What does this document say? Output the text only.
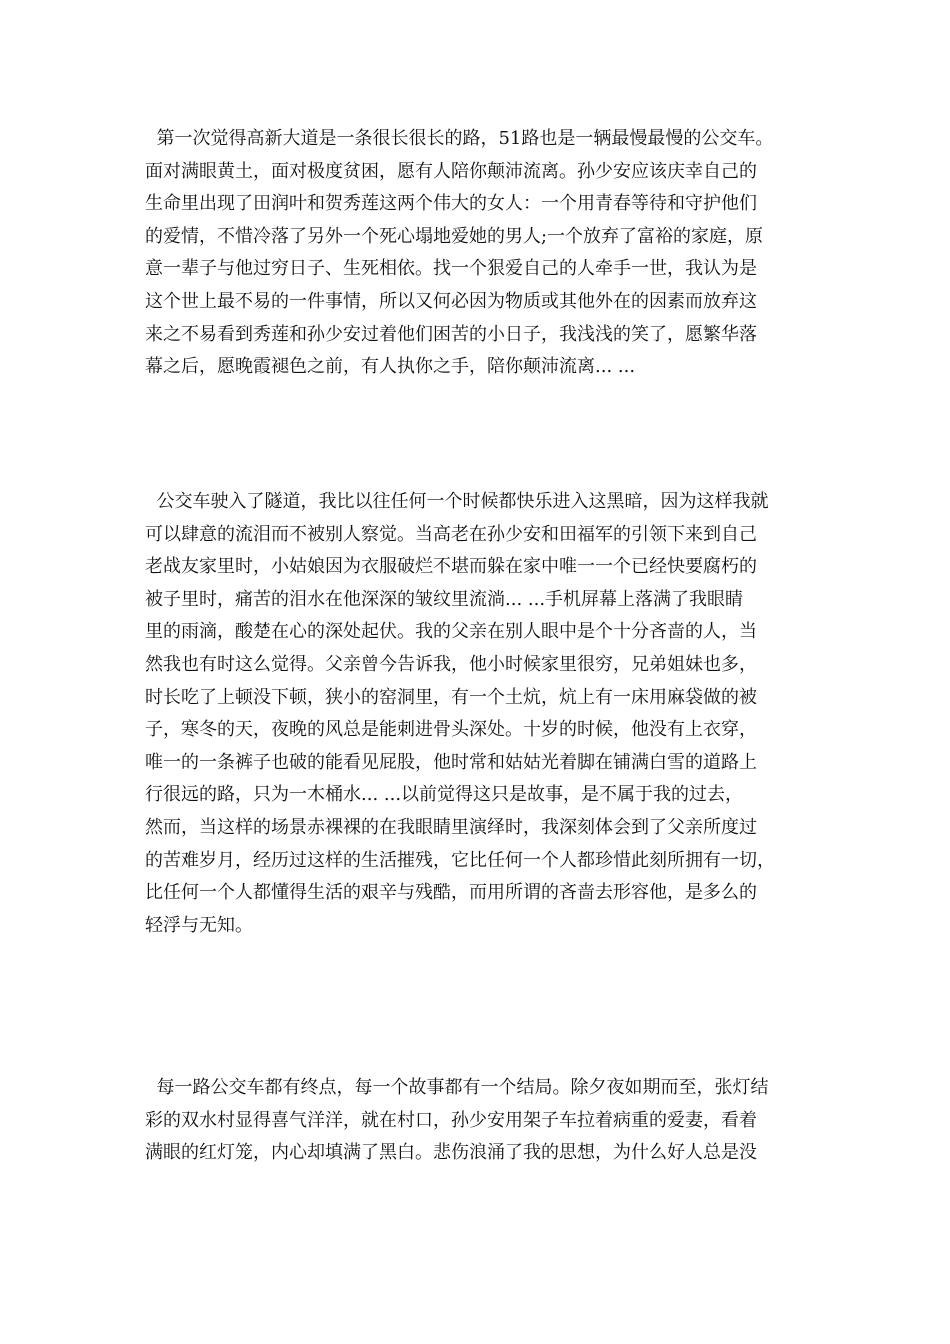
第一次觉得高新大道是一条很长很长的路，51路也是一辆最慢最慢的公交车。
面对满眼黄土，面对极度贫困，愿有人陪你颠沛流离。孙少安应该庆幸自己的
生命里出现了田润叶和贺秀莲这两个伟大的女人：一个用青春等待和守护他们
的爱情，不惜冷落了另外一个死心塌地爱她的男人;一个放弃了富裕的家庭，原
意一辈子与他过穷日子、生死相依。找一个狠爱自己的人牵手一世，我认为是
这个世上最不易的一件事情，所以又何必因为物质或其他外在的因素而放弃这
来之不易看到秀莲和孙少安过着他们困苦的小日子，我浅浅的笑了，愿繁华落
幕之后，愿晚霞褪色之前，有人执你之手，陪你颠沛流离... ...
公交车驶入了隧道，我比以往任何一个时候都快乐进入这黑暗，因为这样我就
可以肆意的流泪而不被别人察觉。当高老在孙少安和田福军的引领下来到自己
老战友家里时，小姑娘因为衣服破烂不堪而躲在家中唯一一个已经快要腐朽的
被子里时，痛苦的泪水在他深深的皱纹里流淌... ...手机屏幕上落满了我眼睛
里的雨滴，酸楚在心的深处起伏。我的父亲在别人眼中是个十分吝啬的人，当
然我也有时这么觉得。父亲曾今告诉我，他小时候家里很穷，兄弟姐妹也多，
时长吃了上顿没下顿，狭小的窑洞里，有一个土炕，炕上有一床用麻袋做的被
子，寒冬的天，夜晚的风总是能刺进骨头深处。十岁的时候，他没有上衣穿，
唯一的一条裤子也破的能看见屁股，他时常和姑姑光着脚在铺满白雪的道路上
行很远的路，只为一木桶水... ...以前觉得这只是故事，是不属于我的过去，
然而，当这样的场景赤裸裸的在我眼睛里演绎时，我深刻体会到了父亲所度过
的苦难岁月，经历过这样的生活摧残，它比任何一个人都珍惜此刻所拥有一切，
比任何一个人都懂得生活的艰辛与残酷，而用所谓的吝啬去形容他，是多么的
轻浮与无知。
每一路公交车都有终点，每一个故事都有一个结局。除夕夜如期而至，张灯结
彩的双水村显得喜气洋洋，就在村口，孙少安用架子车拉着病重的爱妻，看着
满眼的红灯笼，内心却填满了黑白。悲伤浪涌了我的思想，为什么好人总是没
